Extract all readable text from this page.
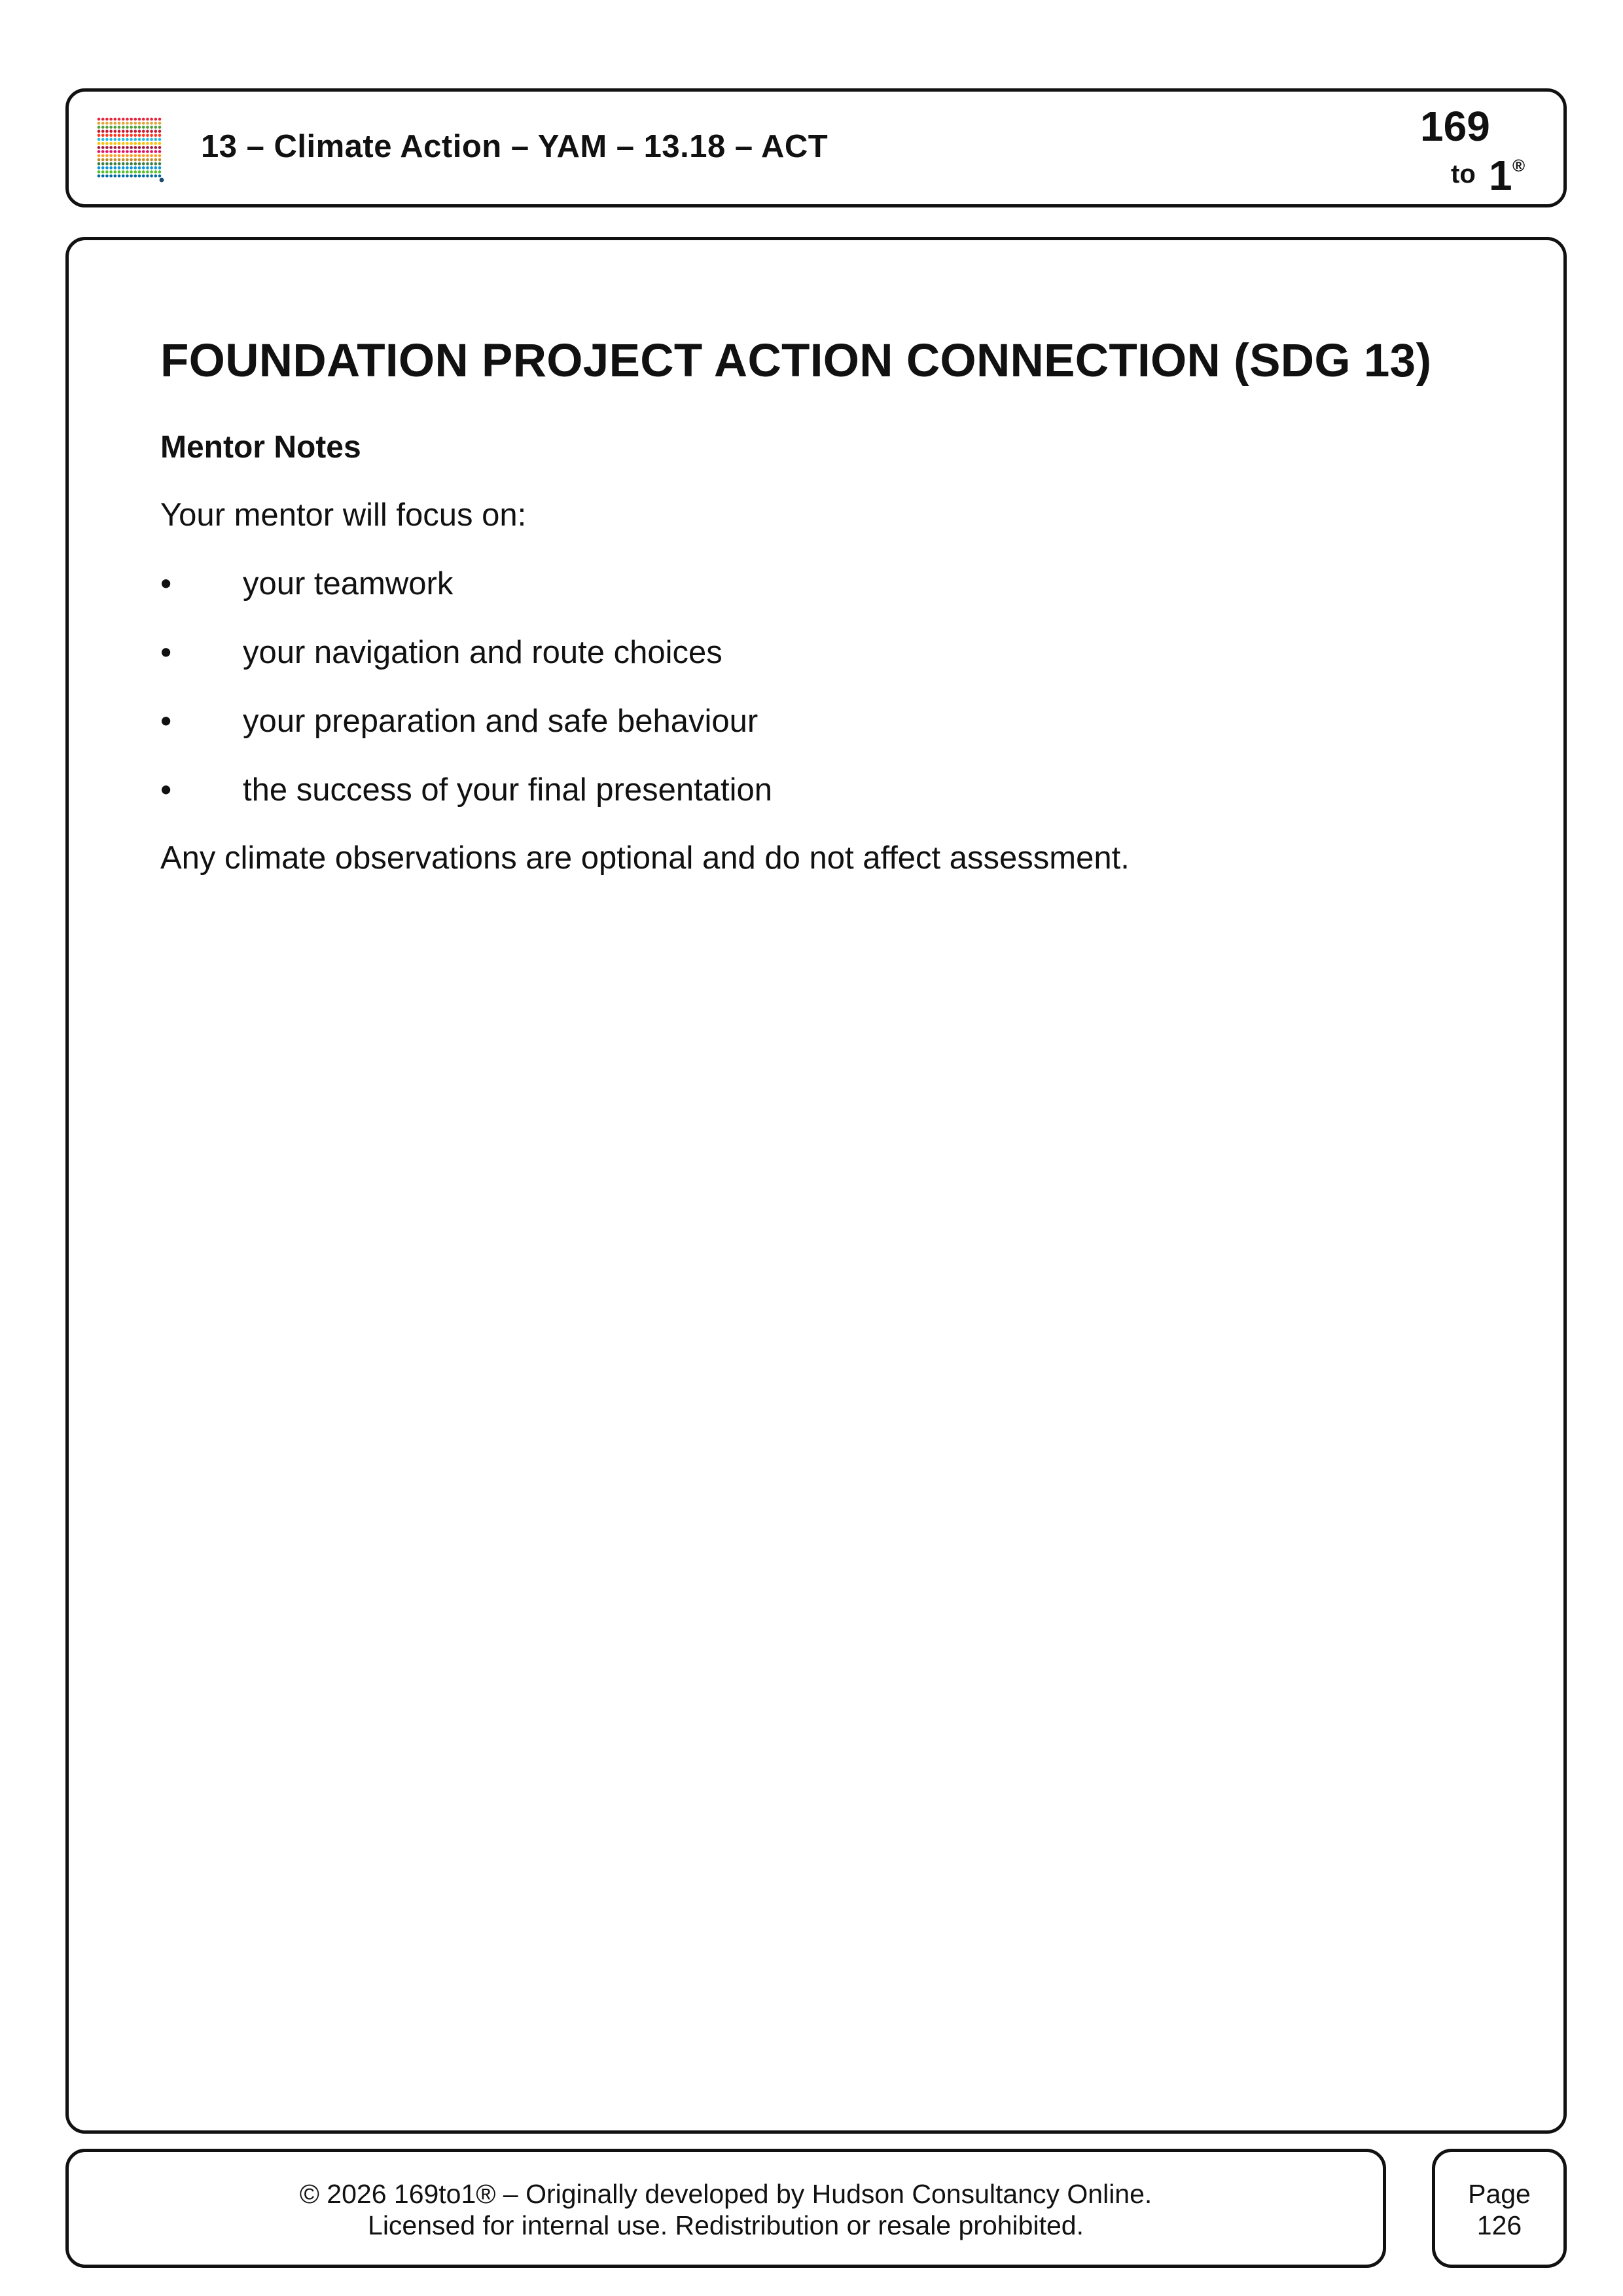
13 – Climate Action – YAM – 13.18 – ACT	169
to 1 ®
FOUNDATION PROJECT ACTION CONNECTION (SDG 13)
Mentor Notes

Your mentor will focus on:

• your teamwork
• your navigation and route choices
• your preparation and safe behaviour
• the success of your final presentation

Any climate observations are optional and do not affect assessment.

© 2026 169to1® – Originally developed by Hudson Consultancy Online.
Licensed for internal use. Redistribution or resale prohibited.
Page
126
